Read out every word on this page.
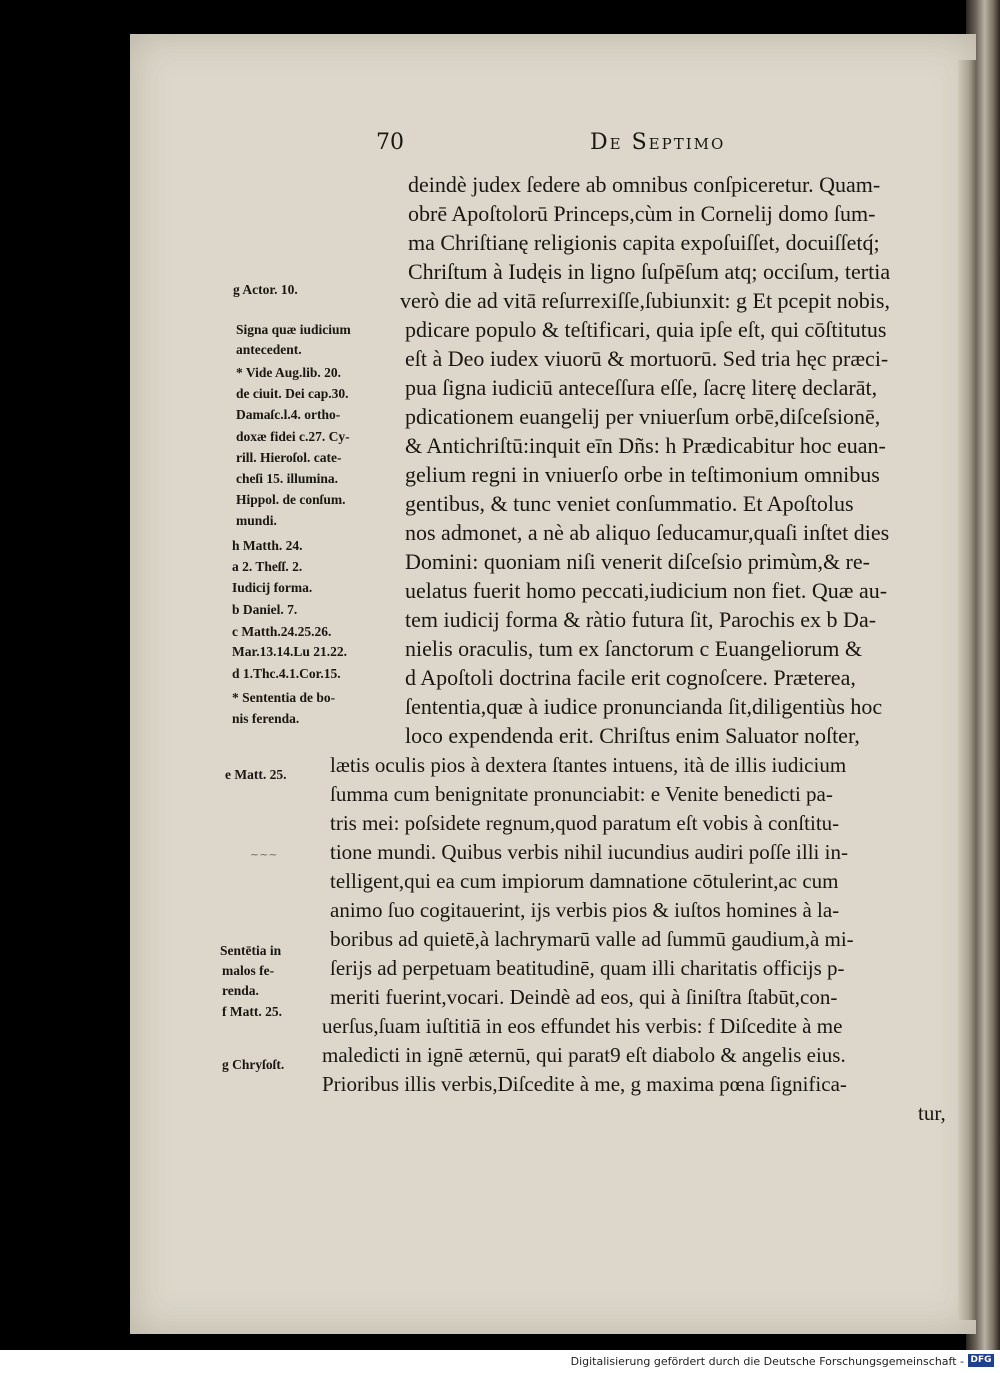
70	De Septimo
deindè judex ſedere ab omnibus conſpiceretur. Quam-
obrē Apoſtolorū Princeps,cùm in Cornelij domo ſum-
ma Chriſtianę religionis capita expoſuiſſet, docuiſſetq́;
Chriſtum à Iudęis in ligno ſuſpēſum atq; occiſum, tertia
verò die ad vitā reſurrexiſſe,ſubiunxit: g Et pcepit nobis,
pdicare populo & teſtificari, quia ipſe eſt, qui cōſtitutus
eſt à Deo iudex viuorū & mortuorū. Sed tria hęc præci-
pua ſigna iudiciū anteceſſura eſſe, ſacrę literę declarāt,
pdicationem euangelij per vniuerſum orbē,diſceſsionē,
& Antichriſtū:inquit eīn Dñs: h Prædicabitur hoc euan-
gelium regni in vniuerſo orbe in teſtimonium omnibus
gentibus, & tunc veniet conſummatio. Et Apoſtolus
nos admonet, a nè ab aliquo ſeducamur,quaſi inſtet dies
Domini: quoniam niſi venerit diſceſsio primùm,& re-
uelatus fuerit homo peccati,iudicium non fiet. Quæ au-
tem iudicij forma & ràtio futura ſit, Parochis ex b Da-
nielis oraculis, tum ex ſanctorum c Euangeliorum &
d Apoſtoli doctrina facile erit cognoſcere. Præterea,
ſententia,quæ à iudice pronuncianda ſit,diligentiùs hoc
loco expendenda erit. Chriſtus enim Saluator noſter,
lætis oculis pios à dextera ſtantes intuens, ità de illis iudicium
ſumma cum benignitate pronunciabit: e Venite benedicti pa-
tris mei: poſsidete regnum,quod paratum eſt vobis à conſtitu-
tione mundi. Quibus verbis nihil iucundius audiri poſſe illi in-
telligent,qui ea cum impiorum damnatione cōtulerint,ac cum
animo ſuo cogitauerint, ijs verbis pios & iuſtos homines à la-
boribus ad quietē,à lachrymarū valle ad ſummū gaudium,à mi-
ſerijs ad perpetuam beatitudinē, quam illi charitatis officijs p-
meriti fuerint,vocari. Deindè ad eos, qui à ſiniſtra ſtabūt,con-
uerſus,ſuam iuſtitiā in eos effundet his verbis: f Diſcedite à me
maledicti in ignē æternū, qui parat9 eſt diabolo & angelis eius.
Prioribus illis verbis,Diſcedite à me, g maxima pœna ſignifica-
tur,
g Actor. 10.
Signa quæ iudicium
antecedent.
* Vide Aug.lib. 20.
de ciuit. Dei cap.30.
Damaſc.l.4. ortho-
doxæ fidei c.27. Cy-
rill. Hieroſol. cate-
cheſi 15. illumina.
Hippol. de conſum.
mundi.
h Matth. 24.
a 2. Theſſ. 2.
Iudicij forma.
b Daniel. 7.
c Matth.24.25.26.
Mar.13.14.Lu 21.22.
d 1.Thc.4.1.Cor.15.
* Sententia de bo-
nis ferenda.
e Matt. 25.
Sentētia in
malos fe-
renda.
f Matt. 25.
g Chryſoſt.
~~~
Digitalisierung gefördert durch die Deutsche Forschungsgemeinschaft - DFG
